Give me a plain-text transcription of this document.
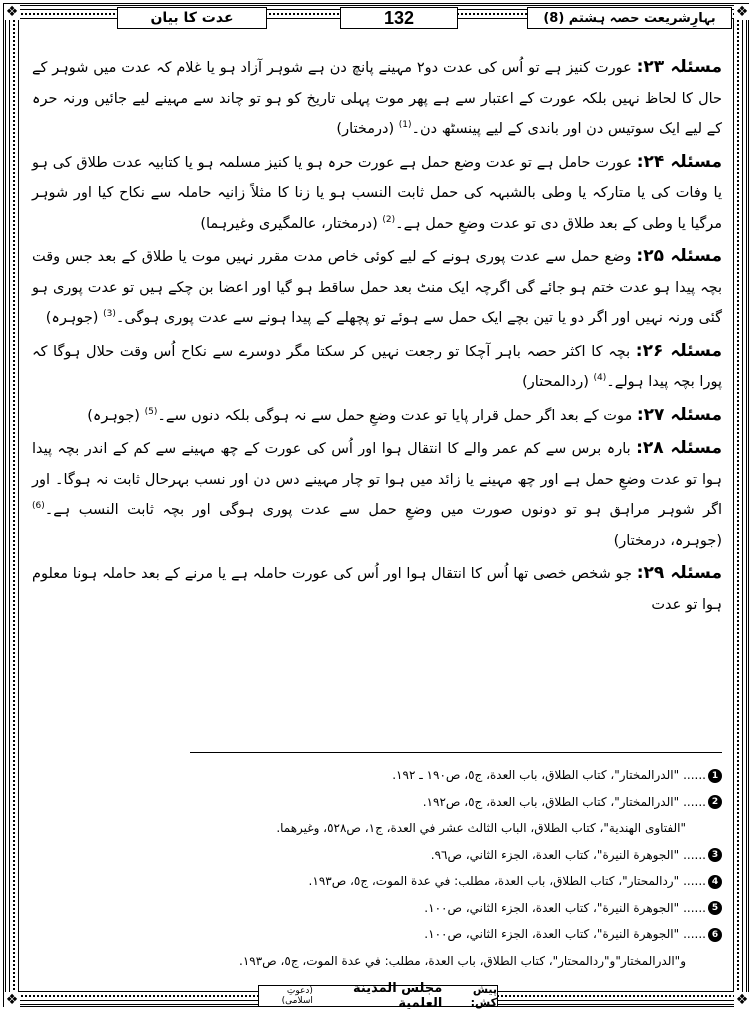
❖	❖
❖	❖
بہارِشریعت حصہ ہشتم (8)
132
عدت کا بیان

مسئلہ ۲۳: عورت کنیز ہے تو اُس کی عدت دو۲ مہینے پانچ دن ہے شوہر آزاد ہو یا غلام کہ عدت میں شوہر کے حال کا لحاظ نہیں بلکہ عورت کے اعتبار سے ہے پھر موت پہلی تاریخ کو ہو تو چاند سے مہینے لیے جائیں ورنہ حرہ کے لیے ایک سوتیس دن اور باندی کے لیے پینسٹھ دن۔$^{(1)}$ (درمختار)

مسئلہ ۲۴: عورت حامل ہے تو عدت وضع حمل ہے عورت حرہ ہو یا کنیز مسلمہ ہو یا کتابیہ عدت طلاق کی ہو یا وفات کی یا متارکہ یا وطی بالشبہہ کی حمل ثابت النسب ہو یا زنا کا مثلاً زانیہ حاملہ سے نکاح کیا اور شوہر مرگیا یا وطی کے بعد طلاق دی تو عدت وضعِ حمل ہے۔$^{(2)}$ (درمختار، عالمگیری وغیرہما)

مسئلہ ۲۵: وضع حمل سے عدت پوری ہونے کے لیے کوئی خاص مدت مقرر نہیں موت یا طلاق کے بعد جس وقت بچہ پیدا ہو عدت ختم ہو جائے گی اگرچہ ایک منٹ بعد حمل ساقط ہو گیا اور اعضا بن چکے ہیں تو عدت پوری ہو گئی ورنہ نہیں اور اگر دو یا تین بچے ایک حمل سے ہوئے تو پچھلے کے پیدا ہونے سے عدت پوری ہوگی۔$^{(3)}$ (جوہرہ)

مسئلہ ۲۶: بچہ کا اکثر حصہ باہر آچکا تو رجعت نہیں کر سکتا مگر دوسرے سے نکاح اُس وقت حلال ہوگا کہ پورا بچہ پیدا ہولے۔$^{(4)}$ (ردالمحتار)

مسئلہ ۲۷: موت کے بعد اگر حمل قرار پایا تو عدت وضعِ حمل سے نہ ہوگی بلکہ دنوں سے۔$^{(5)}$ (جوہرہ)

مسئلہ ۲۸: بارہ برس سے کم عمر والے کا انتقال ہوا اور اُس کی عورت کے چھ مہینے سے کم کے اندر بچہ پیدا ہوا تو عدت وضعِ حمل ہے اور چھ مہینے یا زائد میں ہوا تو چار مہینے دس دن اور نسب بہرحال ثابت نہ ہوگا۔ اور اگر شوہر مراہق ہو تو دونوں صورت میں وضعِ حمل سے عدت پوری ہوگی اور بچہ ثابت النسب ہے۔$^{(6)}$ (جوہرہ، درمختار)

مسئلہ ۲۹: جو شخص خصی تھا اُس کا انتقال ہوا اور اُس کی عورت حاملہ ہے یا مرنے کے بعد حاملہ ہونا معلوم ہوا تو عدت

1......"الدرالمختار"، كتاب الطلاق، باب العدة، ج٥، ص١٩٠ ـ ١٩٢.
2......"الدرالمختار"، كتاب الطلاق، باب العدة، ج٥، ص١٩٢.
"الفتاوى الهندية"، كتاب الطلاق، الباب الثالث عشر في العدة، ج١، ص٥٢٨، وغيرهما.
3......"الجوهرة النيرة"، كتاب العدة، الجزء الثاني، ص٩٦.
4......"ردالمحتار"، كتاب الطلاق، باب العدة، مطلب: في عدة الموت، ج٥، ص١٩٣.
5......"الجوهرة النيرة"، كتاب العدة، الجزء الثاني، ص١٠٠.
6......"الجوهرة النيرة"، كتاب العدة، الجزء الثاني، ص١٠٠.
و"الدرالمختار"و"ردالمحتار"، كتاب الطلاق، باب العدة، مطلب: في عدة الموت، ج٥، ص١٩٣.
پیش کش:
مجلس المدينة العلمية
(دعوتِ اسلامی)
